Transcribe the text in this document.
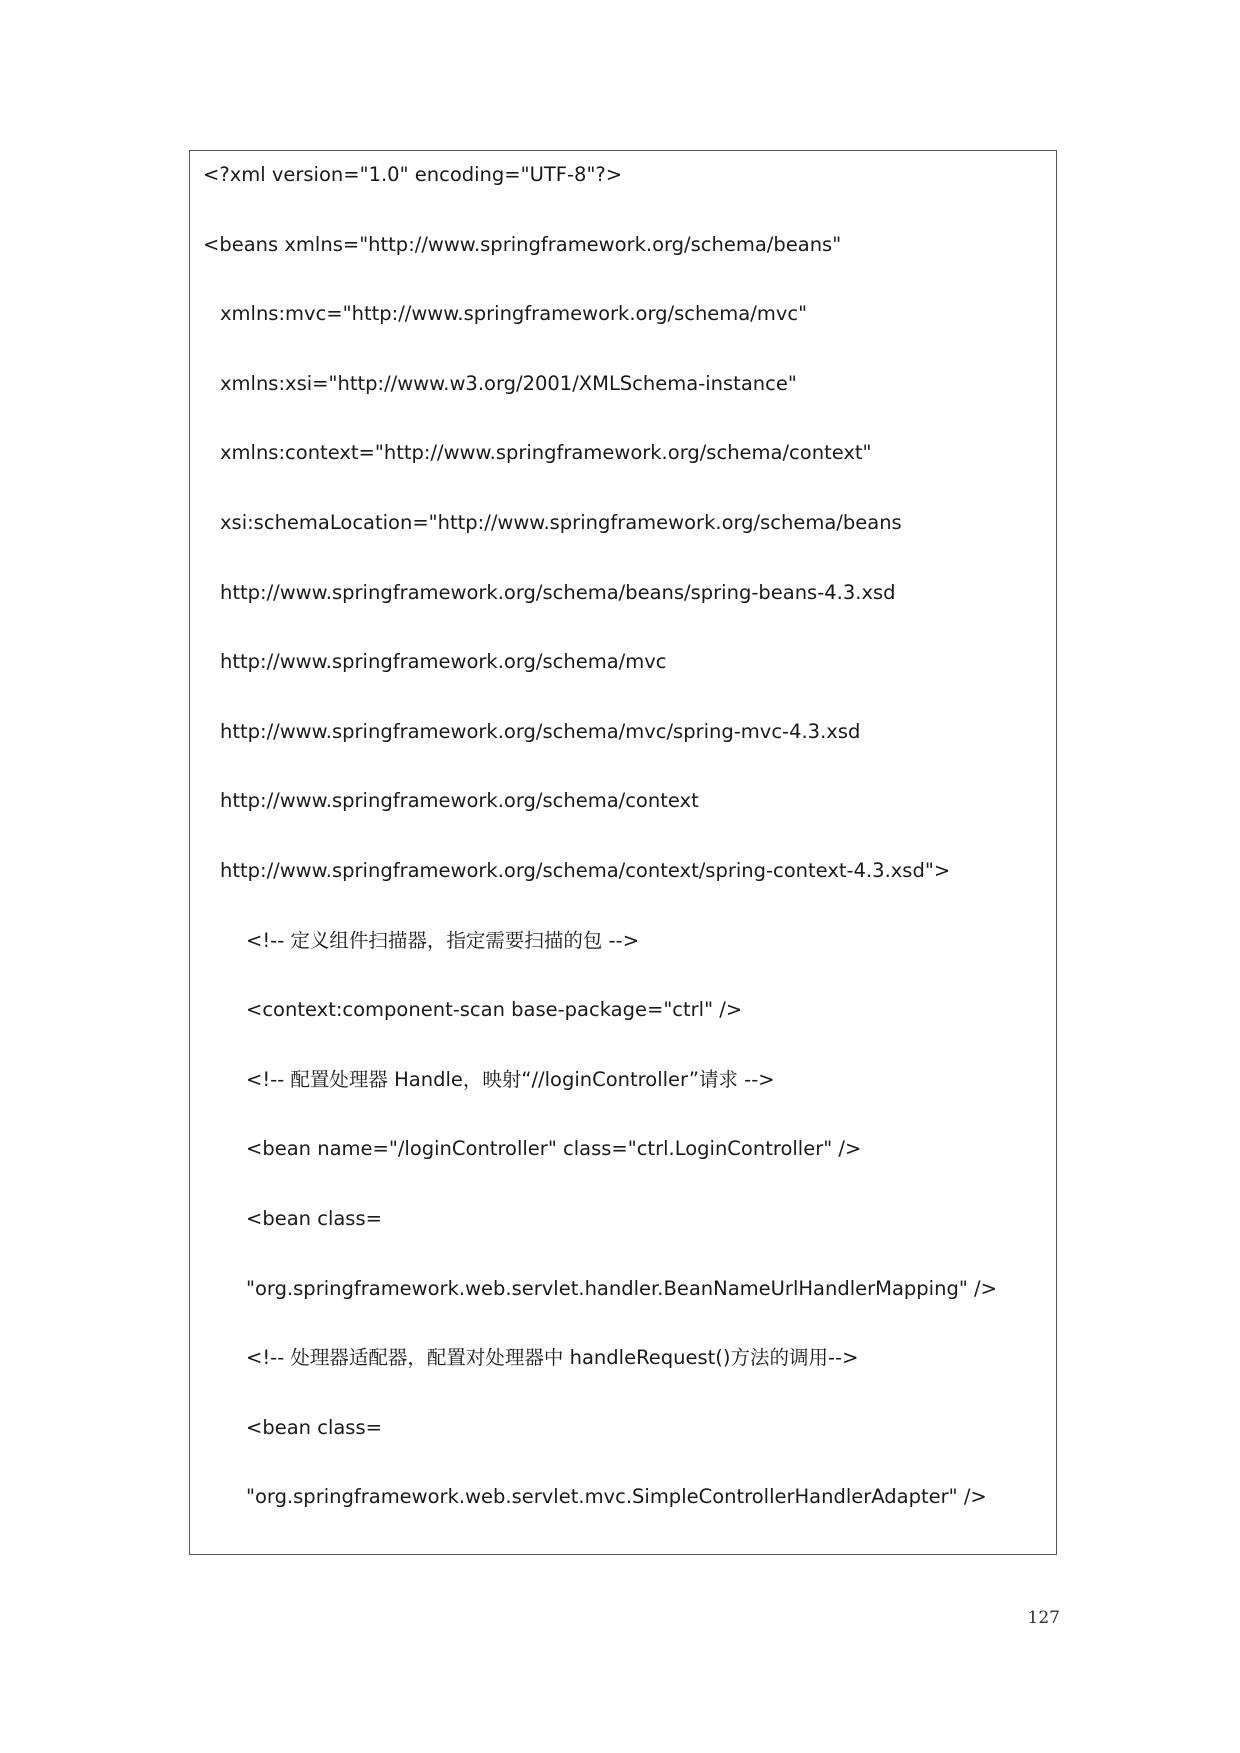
<?xml version="1.0" encoding="UTF-8"?>
<beans xmlns="http://www.springframework.org/schema/beans"
xmlns:mvc="http://www.springframework.org/schema/mvc"
xmlns:xsi="http://www.w3.org/2001/XMLSchema-instance"
xmlns:context="http://www.springframework.org/schema/context"
xsi:schemaLocation="http://www.springframework.org/schema/beans
http://www.springframework.org/schema/beans/spring-beans-4.3.xsd
http://www.springframework.org/schema/mvc
http://www.springframework.org/schema/mvc/spring-mvc-4.3.xsd
http://www.springframework.org/schema/context
http://www.springframework.org/schema/context/spring-context-4.3.xsd">
<!-- 定义组件扫描器，指定需要扫描的包 -->
<context:component-scan base-package="ctrl" />
<!-- 配置处理器 Handle，映射“//loginController”请求 -->
<bean name="/loginController" class="ctrl.LoginController" />
<bean class=
"org.springframework.web.servlet.handler.BeanNameUrlHandlerMapping" />
<!-- 处理器适配器，配置对处理器中 handleRequest()方法的调用-->
<bean class=
"org.springframework.web.servlet.mvc.SimpleControllerHandlerAdapter" />
127
